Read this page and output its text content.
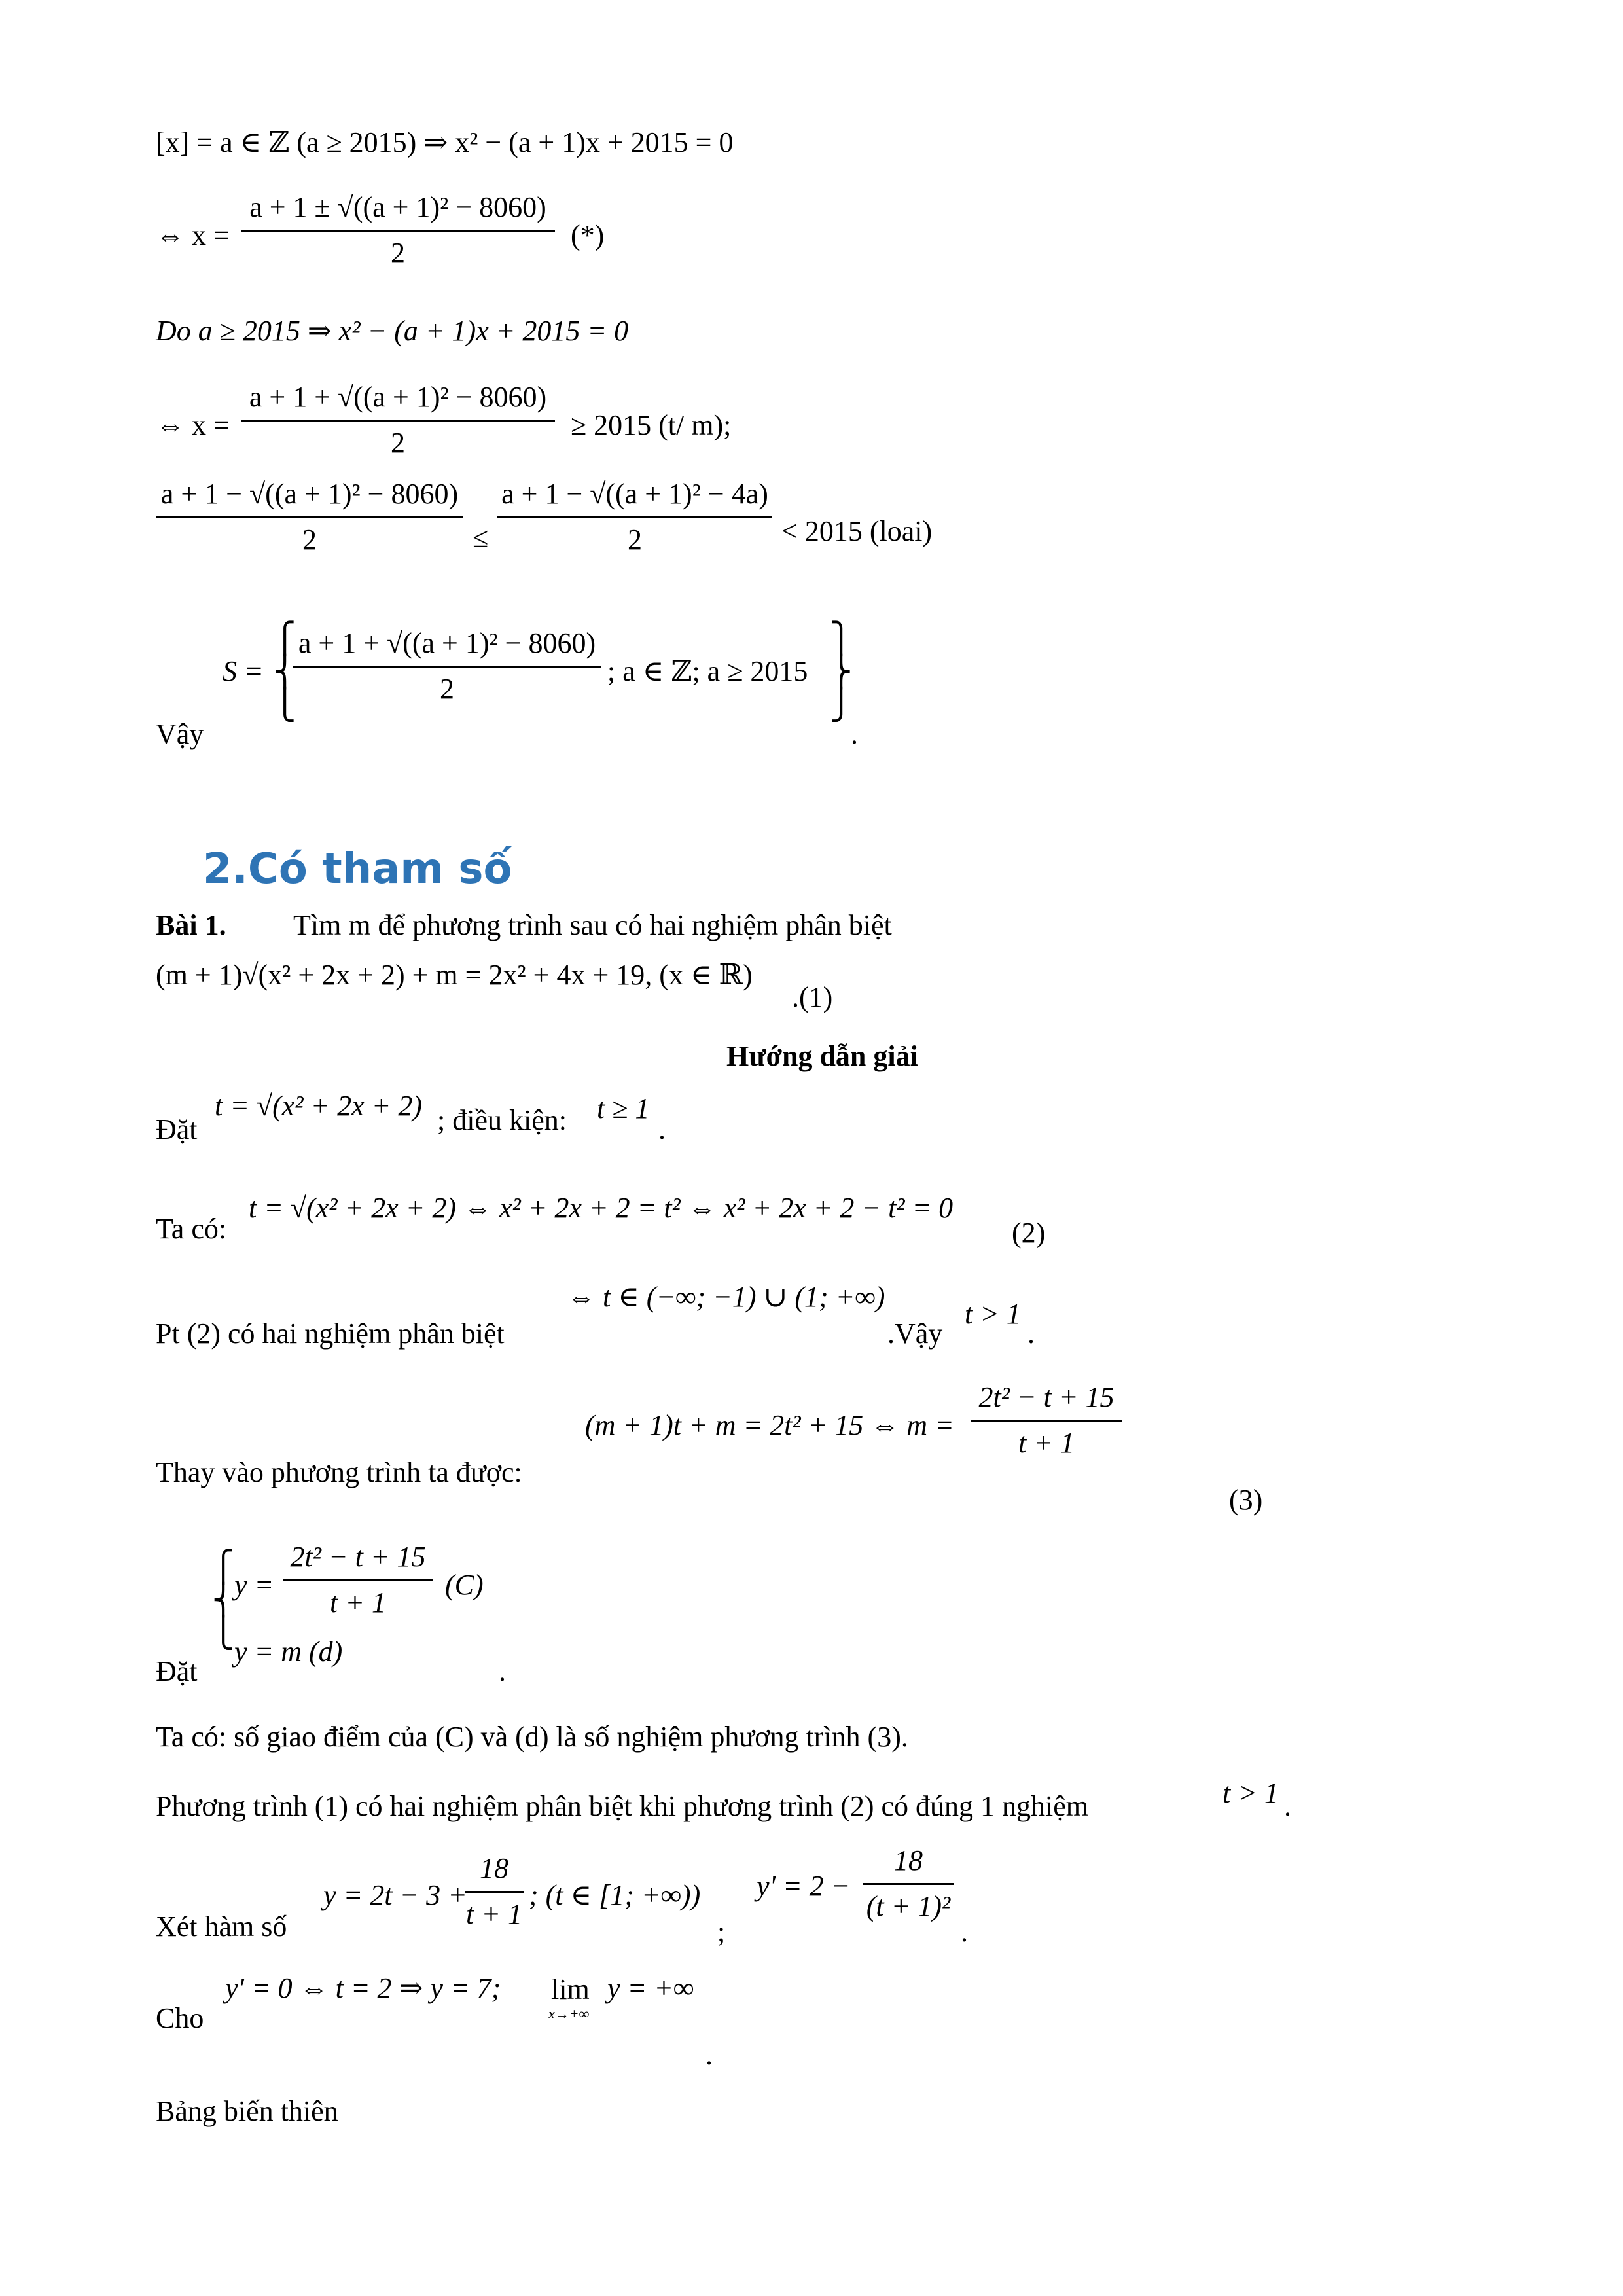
[x] = a ∈ ℤ (a ≥ 2015) ⇒ x² − (a + 1)x + 2015 = 0
⇔ x =
a + 1 ± √((a + 1)² − 8060)
2
(*)
Do a ≥ 2015 ⇒ x² − (a + 1)x + 2015 = 0
⇔ x =
a + 1 + √((a + 1)² − 8060)
2
≥ 2015 (t/ m);
a + 1 − √((a + 1)² − 8060)
2	≤
a + 1 − √((a + 1)² − 4a)
2	< 2015 (loai)
Vậy
S =
⎧
⎨
⎩
a + 1 + √((a + 1)² − 8060)
2
; a ∈ ℤ; a ≥ 2015
⎫
⎬
⎭
.
2.Có tham số
Bài 1. Tìm m để phương trình sau có hai nghiệm phân biệt
(m + 1)√(x² + 2x + 2) + m = 2x² + 4x + 19, (x ∈ ℝ)
.(1)
Hướng dẫn giải
Đặt
t = √(x² + 2x + 2) ; điều kiện: t ≥ 1
.
Ta có:
t = √(x² + 2x + 2) ⇔ x² + 2x + 2 = t² ⇔ x² + 2x + 2 − t² = 0
(2)
Pt (2) có hai nghiệm phân biệt
⇔ t ∈ (−∞; −1) ∪ (1; +∞)
.Vậy
t > 1
.
(m + 1)t + m = 2t² + 15 ⇔ m =
2t² − t + 15
t + 1
Thay vào phương trình ta được:
(3)
⎧
⎨
⎩
y =
2t² − t + 15
t + 1
(C)
Đặt
y = m (d)
.
Ta có: số giao điểm của (C) và (d) là số nghiệm phương trình (3).
Phương trình (1) có hai nghiệm phân biệt khi phương trình (2) có đúng 1 nghiệm	t > 1 .
Xét hàm số
y = 2t − 3 +
18
t + 1
; (t ∈ [1; +∞))
;
y' = 2 −
18
(t + 1)²
.
Cho
y' = 0 ⇔ t = 2 ⇒ y = 7; lim
x→+∞
y = +∞
.
Bảng biến thiên
